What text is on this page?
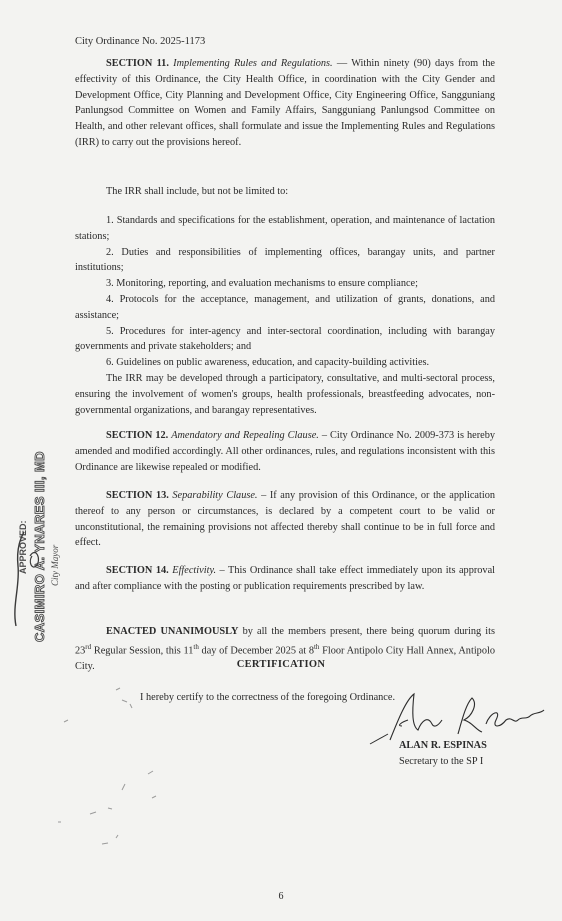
City Ordinance No. 2025-1173
SECTION 11. Implementing Rules and Regulations. — Within ninety (90) days from the effectivity of this Ordinance, the City Health Office, in coordination with the City Gender and Development Office, City Planning and Development Office, City Engineering Office, Sangguniang Panlungsod Committee on Women and Family Affairs, Sangguniang Panlungsod Committee on Health, and other relevant offices, shall formulate and issue the Implementing Rules and Regulations (IRR) to carry out the provisions hereof.
The IRR shall include, but not be limited to:

1. Standards and specifications for the establishment, operation, and maintenance of lactation stations;

2. Duties and responsibilities of implementing offices, barangay units, and partner institutions;

3. Monitoring, reporting, and evaluation mechanisms to ensure compliance;

4. Protocols for the acceptance, management, and utilization of grants, donations, and assistance;

5. Procedures for inter-agency and inter-sectoral coordination, including with barangay governments and private stakeholders; and

6. Guidelines on public awareness, education, and capacity-building activities.

The IRR may be developed through a participatory, consultative, and multi-sectoral process, ensuring the involvement of women's groups, health professionals, breastfeeding advocates, non-governmental organizations, and barangay representatives.

SECTION 12. Amendatory and Repealing Clause. – City Ordinance No. 2009-373 is hereby amended and modified accordingly. All other ordinances, rules, and regulations inconsistent with this Ordinance are likewise repealed or modified.
SECTION 13. Separability Clause. – If any provision of this Ordinance, or the application thereof to any person or circumstances, is declared by a competent court to be valid or unconstitutional, the remaining provisions not affected thereby shall continue to be in full force and effect.
SECTION 14. Effectivity. – This Ordinance shall take effect immediately upon its approval and after compliance with the posting or publication requirements prescribed by law.
ENACTED UNANIMOUSLY by all the members present, there being quorum during its 23rd Regular Session, this 11th day of December 2025 at 8th Floor Antipolo City Hall Annex, Antipolo City.	CERTIFICATION
I hereby certify to the correctness of the foregoing Ordinance.
ALAN R. ESPINAS
Secretary to the SP I
APPROVED: CASIMIRO A. YNARES III, MD City Mayor
6
